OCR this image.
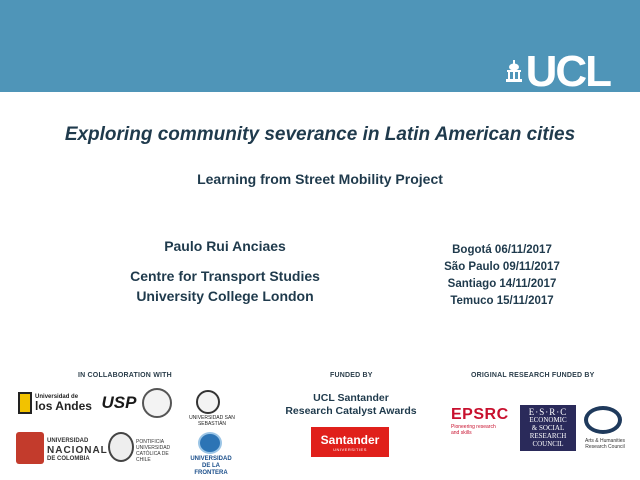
UCL
Exploring community severance in Latin American cities
Learning from Street Mobility Project
Paulo Rui Anciaes
Centre for Transport Studies
University College London
Bogotá 06/11/2017
São Paulo 09/11/2017
Santiago 14/11/2017
Temuco 15/11/2017
IN COLLABORATION WITH	FUNDED BY	ORIGINAL RESEARCH FUNDED BY
UCL Santander
Research Catalyst Awards
Universidad de
los Andes USP
UNIVERSIDAD SAN SEBASTIÁN
UNIVERSIDAD
NACIONAL
DE COLOMBIA
PONTIFICIA UNIVERSIDAD CATÓLICA DE CHILE	UNIVERSIDAD
DE LA FRONTERA
Santander
UNIVERSITIES
EPSRC
Pioneering research
and skills
E·S·R·C
ECONOMIC
& SOCIAL
RESEARCH
COUNCIL	Arts & Humanities Research Council
